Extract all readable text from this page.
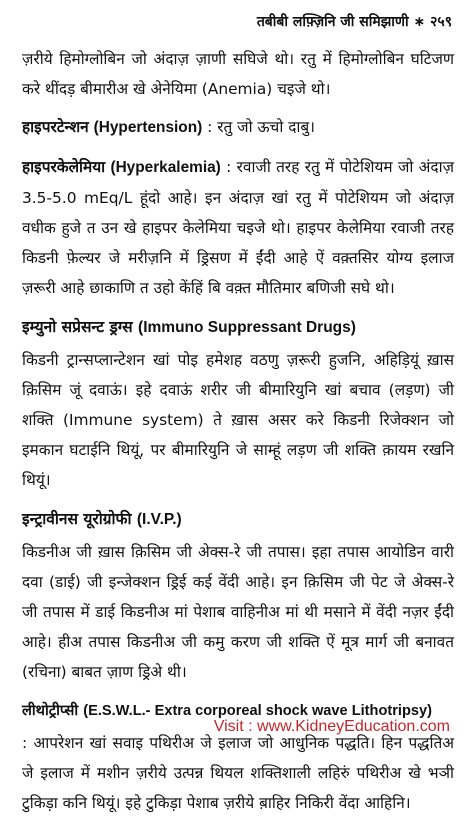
तबीबी लफ़्ज़िनि जी समिझाणी ∗ २५९

ज़रीये हिमोग्लोबिन जो अंदाज़ ज़ाणी सघिजे थो। रतु में हिमोग्लोबिन घटिजण करे थींदड़ बीमारीअ खे अेनेयिमा (Anemia) चइजे थो।

हाइपरटेन्शन (Hypertension) : रतु जो ऊचो दाबु।

हाइपरकेलेमिया (Hyperkalemia) : रवाजी तरह रतु में पोटेशियम जो अंदाज़ 3.5-5.0 mEq/L हूंदो आहे। इन अंदाज़ खां रतु में पोटेशियम जो अंदाज़ वधीक हुजे त उन खे हाइपर केलेमिया चइजे थो। हाइपर केलेमिया रवाजी तरह किडनी फ़ेल्यर जे मरीज़नि में ड्रिसण में ईंदी आहे ऐं वक़्तसिर योग्य इलाज ज़रूरी आहे छाकाणि त उहो केंहिं बि वक़्त मौतिमार बणिजी सघे थो।

इम्युनो सप्रेसन्ट ड्रग्स (Immuno Suppressant Drugs)

किडनी ट्रान्सप्लान्टेशन खां पोइ हमेशह वठणु ज़रूरी हुजनि, अहिड़ियूं ख़ास क़िसिम जूं दवाऊं। इहे दवाऊं शरीर जी बीमारियुनि खां बचाव (लड़ण) जी शक्ति (Immune system) ते ख़ास असर करे किडनी रिजेक्शन जो इमकान घटाईनि थियूं, पर बीमारियुनि जे साम्हूं लड़ण जी शक्ति क़ायम रखनि थियूं।

इन्ट्रावीनस यूरोग्रोफी (I.V.P.)

किडनीअ जी ख़ास क़िसिम जी अेक्स-रे जी तपास। इहा तपास आयोडिन वारी दवा (डाई) जी इन्जेक्शन ड्रिई कई वेंदी आहे। इन क़िसिम जी पेट जे अेक्स-रे जी तपास में डाई किडनीअ मां पेशाब वाहिनीअ मां थी मसाने में वेंदी नज़र ईंदी आहे। हीअ तपास किडनीअ जी कमु करण जी शक्ति ऐं मूत्र मार्ग जी बनावत (रचिना) बाबत ज़ाण ड्रिअे थी।

लीथोट्रीप्सी (E.S.W.L.- Extra corporeal shock wave Lithotripsy)

: आपरेशन खां सवाइ पथिरीअ जे इलाज जो आधुनिक पद्धति। हिन पद्धतिअ जे इलाज में मशीन ज़रीये उत्पन्न थियल शक्तिशाली लहिरुं पथिरीअ खे भञी टुकिड़ा कनि थियूं। इहे टुकिड़ा पेशाब ज़रीये ब़ाहिर निकिरी वेंदा आहिनि।

Visit : www.KidneyEducation.com
